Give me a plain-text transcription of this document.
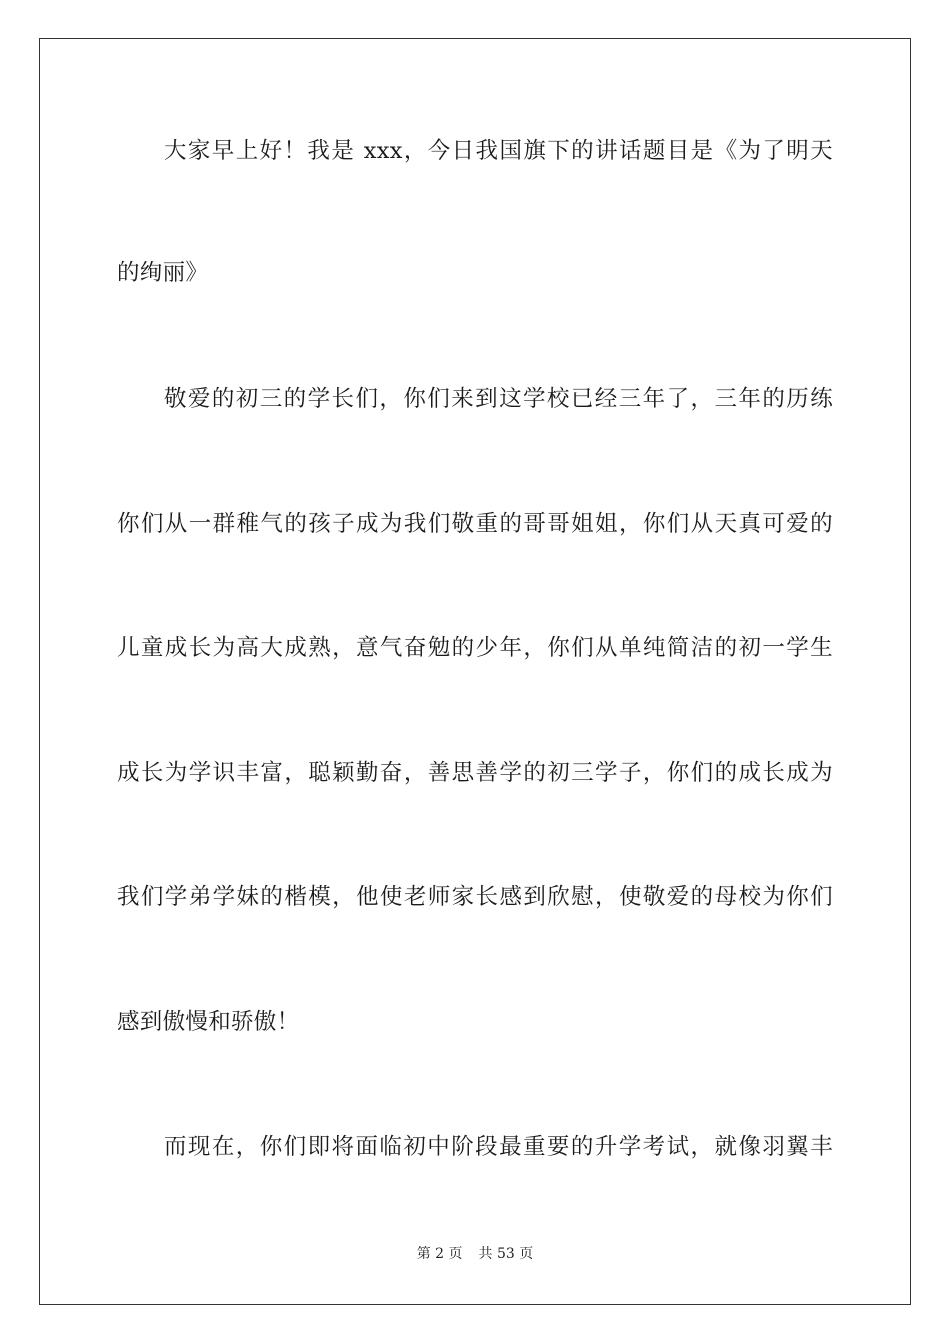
大家早上好！我是 xxx，今日我国旗下的讲话题目是《为了明天
的绚丽》
敬爱的初三的学长们，你们来到这学校已经三年了，三年的历练
你们从一群稚气的孩子成为我们敬重的哥哥姐姐，你们从天真可爱的
儿童成长为高大成熟，意气奋勉的少年，你们从单纯简洁的初一学生
成长为学识丰富，聪颖勤奋，善思善学的初三学子，你们的成长成为
我们学弟学妹的楷模，他使老师家长感到欣慰，使敬爱的母校为你们
感到傲慢和骄傲！
而现在，你们即将面临初中阶段最重要的升学考试，就像羽翼丰
第 2 页 共 53 页
